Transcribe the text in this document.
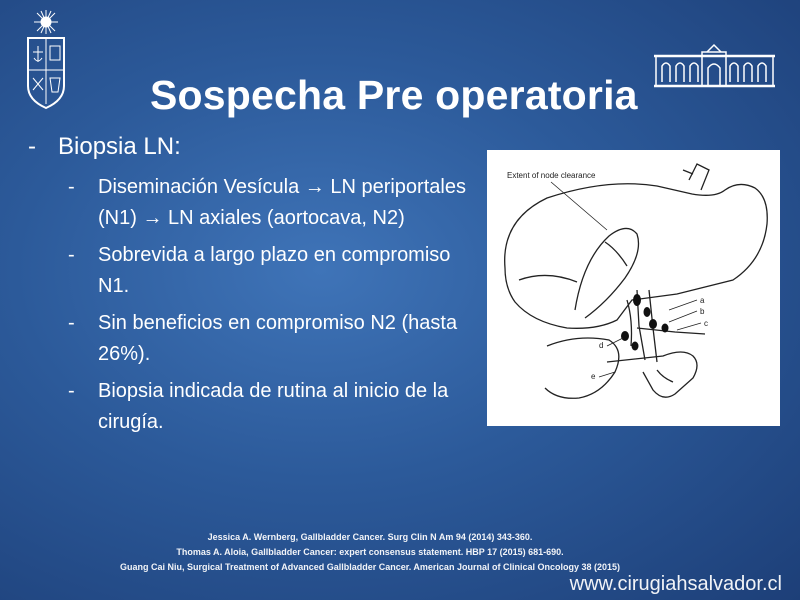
Sospecha Pre operatoria
- Biopsia LN:
- Diseminación Vesícula → LN periportales (N1) → LN axiales (aortocava, N2)
- Sobrevida a largo plazo en compromiso N1.
- Sin beneficios en compromiso N2 (hasta 26%).
- Biopsia indicada de rutina al inicio de la cirugía.
Extent of node clearance
a
b
c
d
e
Jessica A. Wernberg, Gallbladder Cancer. Surg Clin N Am 94 (2014) 343-360.
Thomas A. Aloia, Gallbladder Cancer: expert consensus statement. HBP 17 (2015) 681-690.
Guang Cai Niu, Surgical Treatment of Advanced Gallbladder Cancer. American Journal of Clinical Oncology 38 (2015)
www.cirugiahsalvador.cl
